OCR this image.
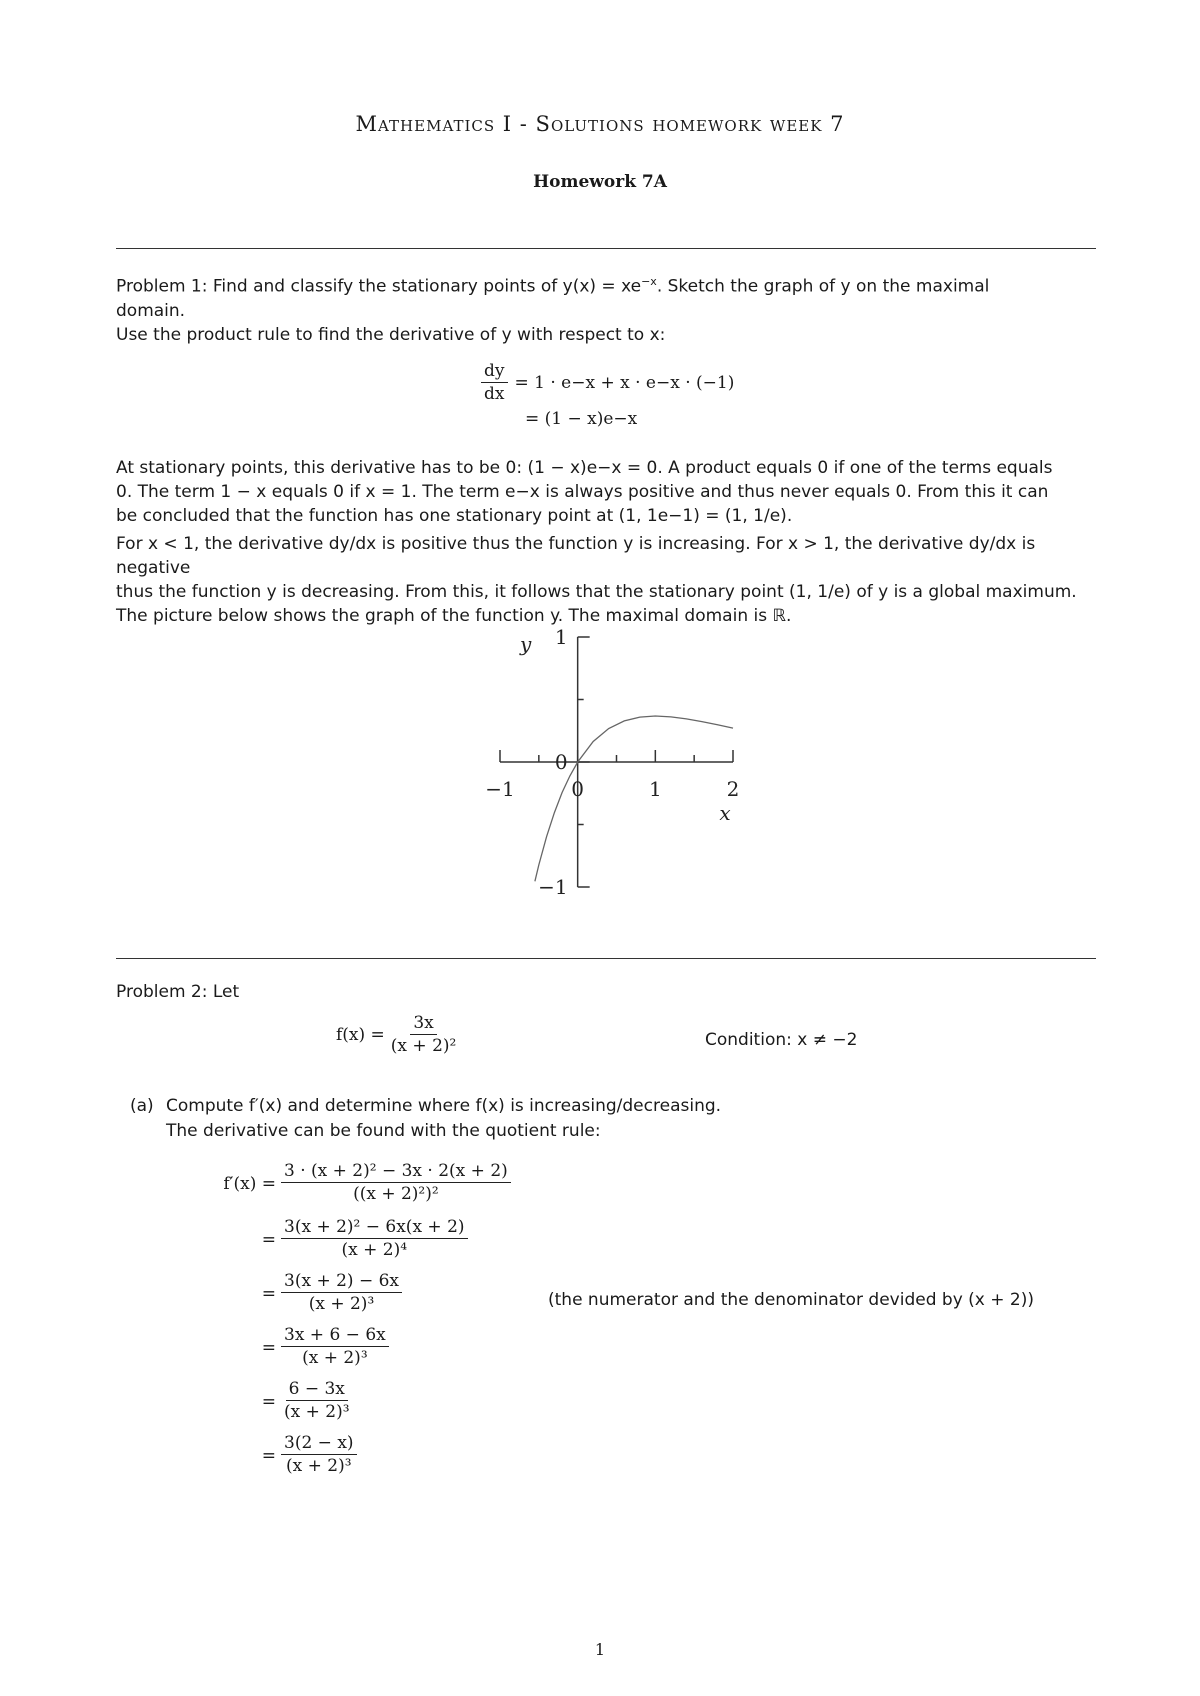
Mathematics I - Solutions homework week 7
Homework 7A
Problem 1: Find and classify the stationary points of $y(x) = xe^{-x}$. Sketch the graph of y on the maximal
domain.
Use the product rule to find the derivative of y with respect to x:
$\frac{dy}{dx} = 1 \cdot e-x + x \cdot e-x \cdot (-1)$
= (1 − x)e−x
At stationary points, this derivative has to be 0: (1 − x)e−x = 0. A product equals 0 if one of the terms equals
0. The term 1 − x equals 0 if x = 1. The term e−x is always positive and thus never equals 0. From this it can
be concluded that the function has one stationary point at (1, 1e−1) = (1, 1/e).
For x < 1, the derivative dy/dx is positive thus the function y is increasing. For x > 1, the derivative dy/dx is negative
thus the function y is decreasing. From this, it follows that the stationary point (1, 1/e) of y is a global maximum.
The picture below shows the graph of the function y. The maximal domain is ℝ.
−1	0	1	2
1
0
−1
x
y
Problem 2: Let
$f(x) = \frac{3x}{\text{(x + 2)²}}$	Condition: x ≠ −2
(a) Compute f′(x) and determine where f(x) is increasing/decreasing.
The derivative can be found with the quotient rule:
$f'(x) = \frac{\text{3 · (x + 2)² − 3x · 2(x + 2)}}{\text{((x + 2)²)²}}$
= $\frac{\text{3(x + 2)² − 6x(x + 2)}}{\text{(x + 2)⁴}}$
= $\frac{3(x + 2) - 6x}{\text{(x + 2)³}}$
= $\frac{3x + 6 - 6x}{\text{(x + 2)³}}$
= $\frac{6 - 3x}{\text{(x + 2)³}}$
= $\frac{3(2 - x)}{\text{(x + 2)³}}$
(the numerator and the denominator devided by (x + 2))
1
